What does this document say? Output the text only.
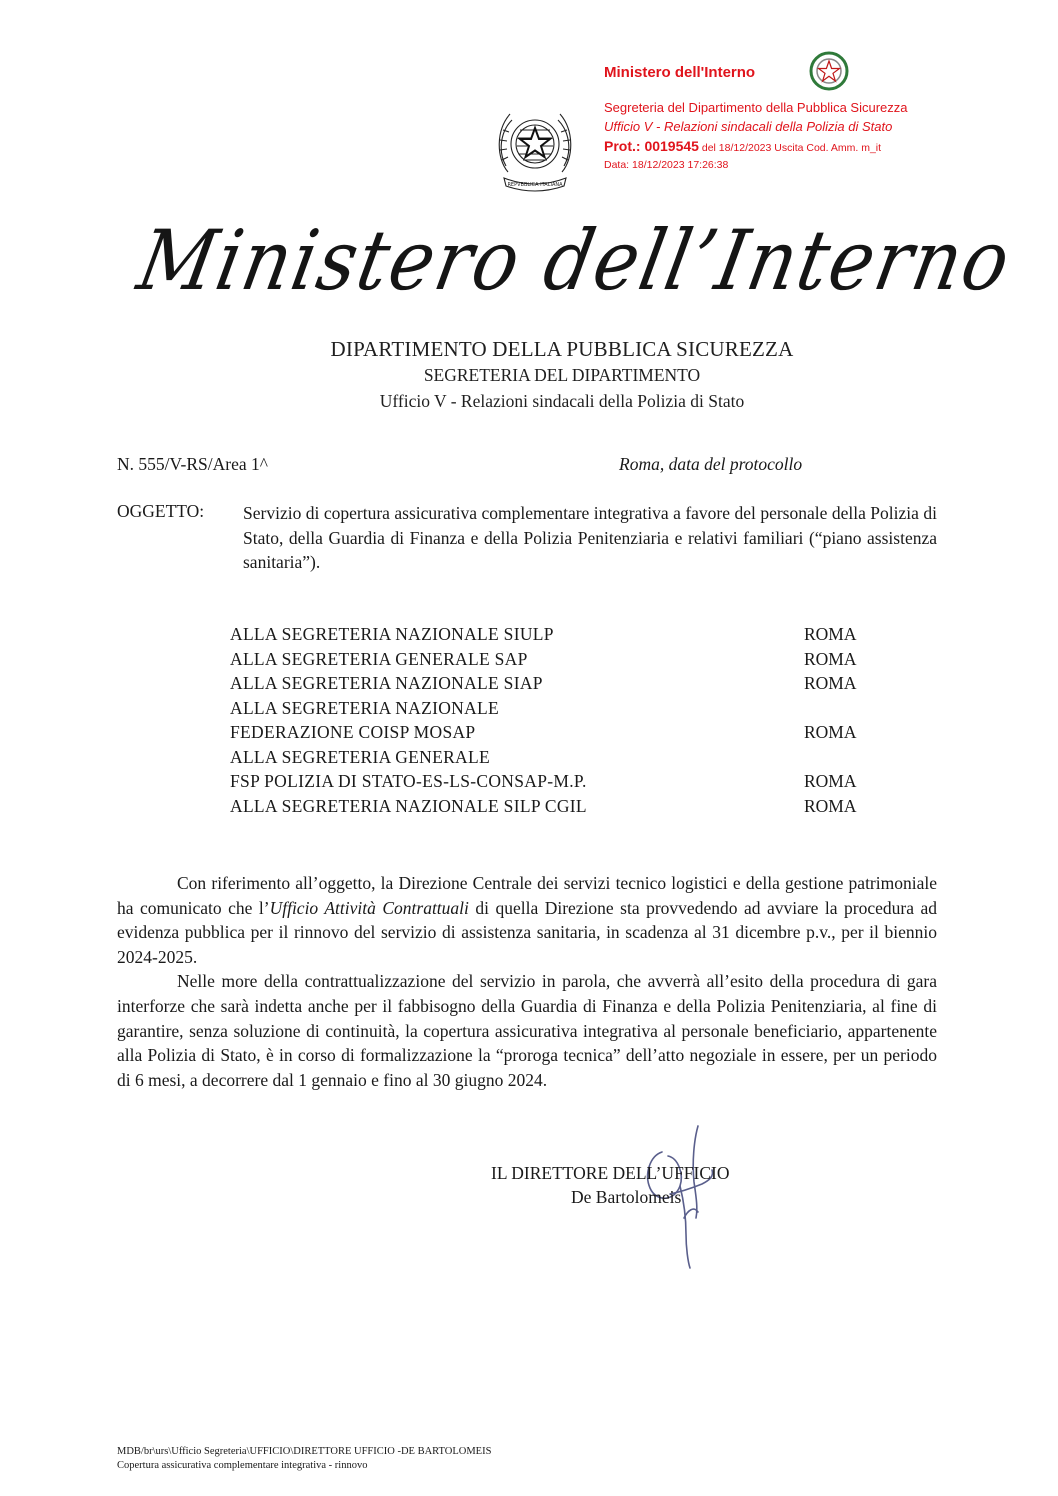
Ministero dell'Interno
Segreteria del Dipartimento della Pubblica Sicurezza
Ufficio V - Relazioni sindacali della Polizia di Stato
Prot.: 0019545 del 18/12/2023 Uscita Cod. Amm. m_it
Data: 18/12/2023 17:26:38
REPVBBLICA ITALIANA
Ministero dell’Interno
DIPARTIMENTO DELLA PUBBLICA SICUREZZA
SEGRETERIA DEL DIPARTIMENTO
Ufficio V - Relazioni sindacali della Polizia di Stato
N. 555/V-RS/Area 1^	Roma, data del protocollo
OGGETTO: Servizio di copertura assicurativa complementare integrativa a favore del personale della Polizia di Stato, della Guardia di Finanza e della Polizia Penitenziaria e relativi familiari (“piano assistenza sanitaria”).
ALLA SEGRETERIA NAZIONALE SIULP	ROMA
ALLA SEGRETERIA GENERALE SAP	ROMA
ALLA SEGRETERIA NAZIONALE SIAP	ROMA
ALLA SEGRETERIA NAZIONALE
FEDERAZIONE COISP MOSAP	ROMA
ALLA SEGRETERIA GENERALE
FSP POLIZIA DI STATO-ES-LS-CONSAP-M.P.	ROMA
ALLA SEGRETERIA NAZIONALE SILP CGIL	ROMA

Con riferimento all’oggetto, la Direzione Centrale dei servizi tecnico logistici e della gestione patrimoniale ha comunicato che l’Ufficio Attività Contrattuali di quella Direzione sta provvedendo ad avviare la procedura ad evidenza pubblica per il rinnovo del servizio di assistenza sanitaria, in scadenza al 31 dicembre p.v., per il biennio 2024-2025.

Nelle more della contrattualizzazione del servizio in parola, che avverrà all’esito della procedura di gara interforze che sarà indetta anche per il fabbisogno della Guardia di Finanza e della Polizia Penitenziaria, al fine di garantire, senza soluzione di continuità, la copertura assicurativa integrativa al personale beneficiario, appartenente alla Polizia di Stato, è in corso di formalizzazione la “proroga tecnica” dell’atto negoziale in essere, per un periodo di 6 mesi, a decorrere dal 1 gennaio e fino al 30 giugno 2024.

IL DIRETTORE DELL’UFFICIO
De Bartolomeis
MDB/br\urs\Ufficio Segreteria\UFFICIO\DIRETTORE UFFICIO -DE BARTOLOMEIS
Copertura assicurativa complementare integrativa - rinnovo
